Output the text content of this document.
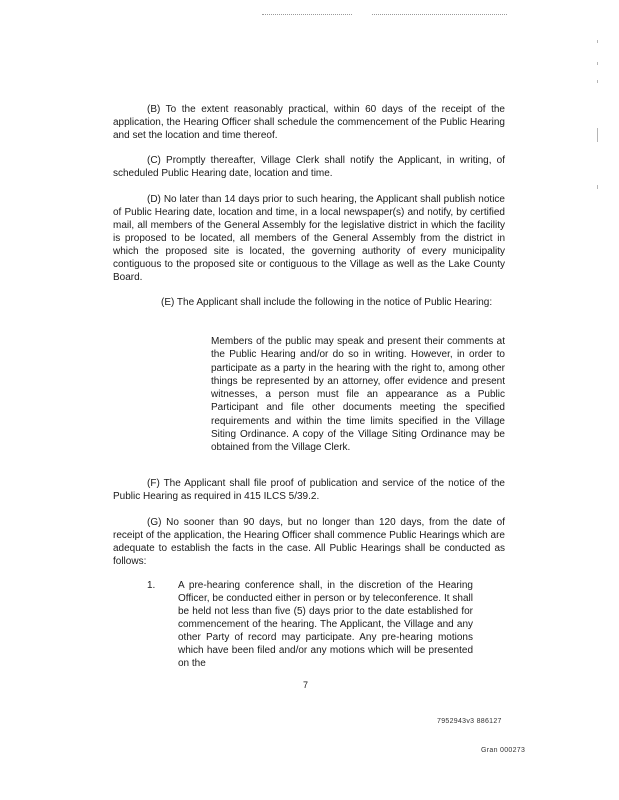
(B) To the extent reasonably practical, within 60 days of the receipt of the application, the Hearing Officer shall schedule the commencement of the Public Hearing and set the location and time thereof.

(C) Promptly thereafter, Village Clerk shall notify the Applicant, in writing, of scheduled Public Hearing date, location and time.

(D) No later than 14 days prior to such hearing, the Applicant shall publish notice of Public Hearing date, location and time, in a local newspaper(s) and notify, by certified mail, all members of the General Assembly for the legislative district in which the facility is proposed to be located, all members of the General Assembly from the district in which the proposed site is located, the governing authority of every municipality contiguous to the proposed site or contiguous to the Village as well as the Lake County Board.

(E) The Applicant shall include the following in the notice of Public Hearing:

Members of the public may speak and present their comments at the Public Hearing and/or do so in writing. However, in order to participate as a party in the hearing with the right to, among other things be represented by an attorney, offer evidence and present witnesses, a person must file an appearance as a Public Participant and file other documents meeting the specified requirements and within the time limits specified in the Village Siting Ordinance. A copy of the Village Siting Ordinance may be obtained from the Village Clerk.

(F) The Applicant shall file proof of publication and service of the notice of the Public Hearing as required in 415 ILCS 5/39.2.

(G) No sooner than 90 days, but no longer than 120 days, from the date of receipt of the application, the Hearing Officer shall commence Public Hearings which are adequate to establish the facts in the case. All Public Hearings shall be conducted as follows:

1. A pre-hearing conference shall, in the discretion of the Hearing Officer, be conducted either in person or by teleconference. It shall be held not less than five (5) days prior to the date established for commencement of the hearing. The Applicant, the Village and any other Party of record may participate. Any pre-hearing motions which have been filed and/or any motions which will be presented on the

7
7952943v3 886127
Gran 000273
